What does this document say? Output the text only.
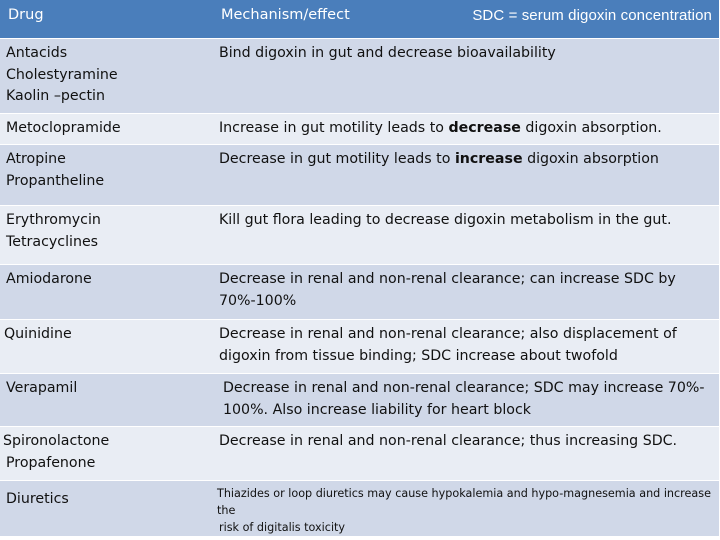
Drug	Mechanism/effect SDC = serum digoxin concentration

Antacids
Cholestyramine
Kaolin –pectin	Bind digoxin in gut and decrease bioavailability

Metoclopramide	Increase in gut motility leads to decrease digoxin absorption.

Atropine
Propantheline	Decrease in gut motility leads to increase digoxin absorption

Erythromycin
Tetracyclines	Kill gut flora leading to decrease digoxin metabolism in the gut.

Amiodarone	Decrease in renal and non-renal clearance; can increase SDC by
70%-100%

Quinidine	Decrease in renal and non-renal clearance; also displacement of
digoxin from tissue binding; SDC increase about twofold

Verapamil	Decrease in renal and non-renal clearance; SDC may increase 70%-
100%. Also increase liability for heart block

Spironolactone
Propafenone	Decrease in renal and non-renal clearance; thus increasing SDC.

Diuretics	Thiazides or loop diuretics may cause hypokalemia and hypo-magnesemia and increase the
risk of digitalis toxicity
